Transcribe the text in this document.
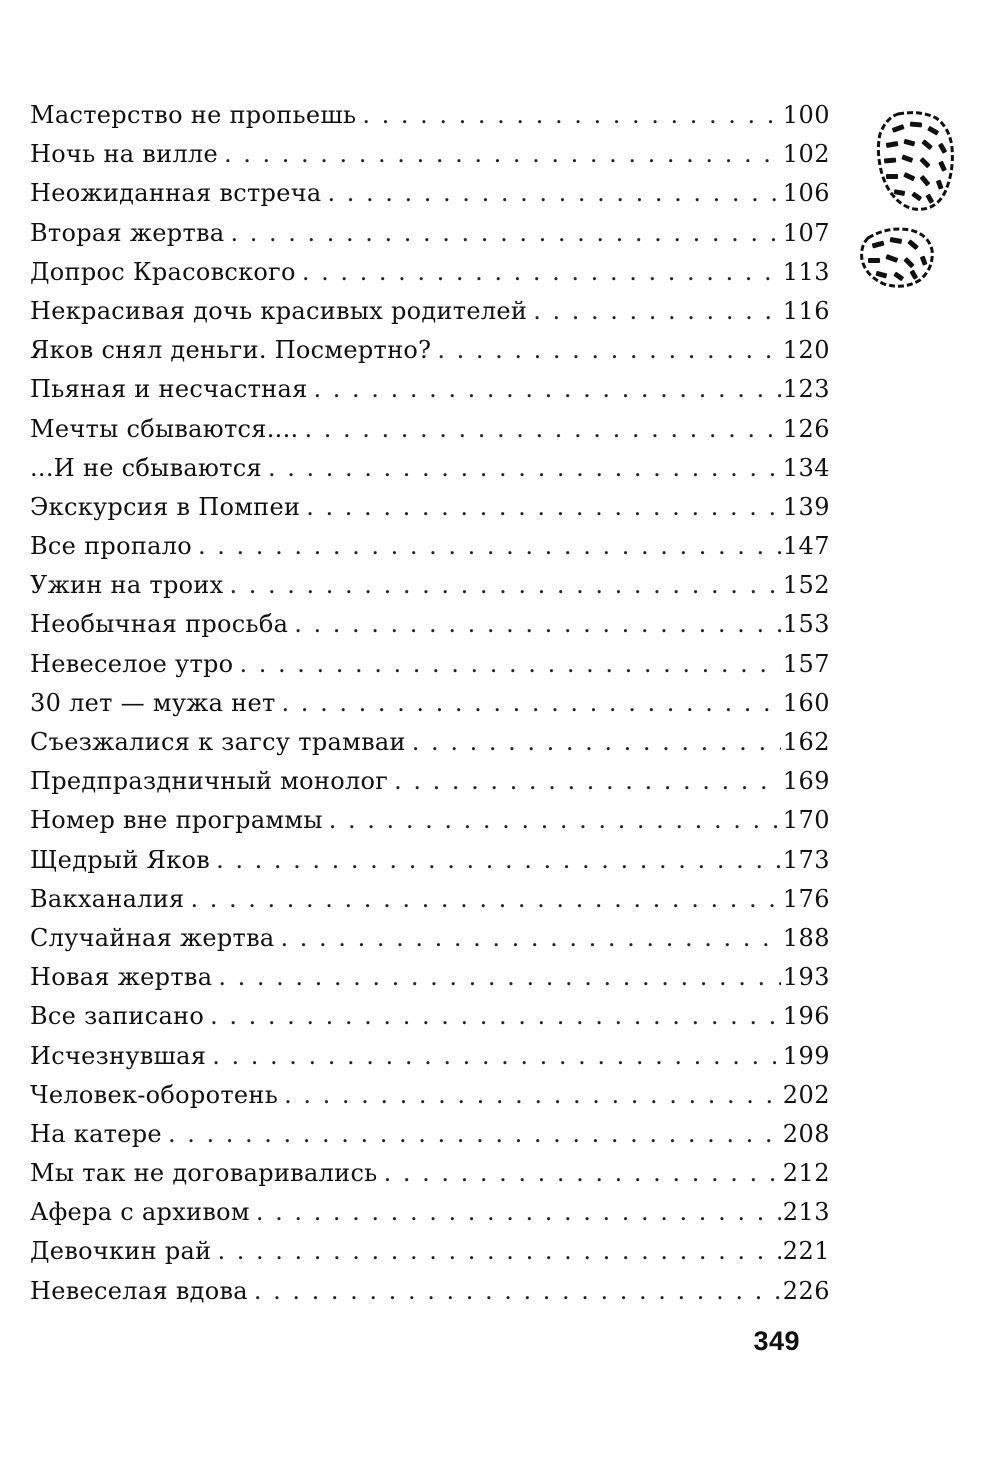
Мастерство не пропьешь . . .	100
Ночь на вилле . . .	102
Неожиданная встреча . . .	106
Вторая жертва . . .	107
Допрос Красовского . . .	113
Некрасивая дочь красивых родителей . . .	116
Яков снял деньги. Посмертно? . . .	120
Пьяная и несчастная . . .	123
Мечты сбываются.... . . .	126
...И не сбываются . . .	134
Экскурсия в Помпеи . . .	139
Все пропало . . .	147
Ужин на троих . . .	152
Необычная просьба . . .	153
Невеселое утро . . .	157
30 лет — мужа нет . . .	160
Съезжалися к загсу трамваи . . .	162
Предпраздничный монолог . . .	169
Номер вне программы . . .	170
Щедрый Яков . . .	173
Вакханалия . . .	176
Случайная жертва . . .	188
Новая жертва . . .	193
Все записано . . .	196
Исчезнувшая . . .	199
Человек-оборотень . . .	202
На катере . . .	208
Мы так не договаривались . . .	212
Афера с архивом . . .	213
Девочкин рай . . .	221
Невеселая вдова . . .	226
349
